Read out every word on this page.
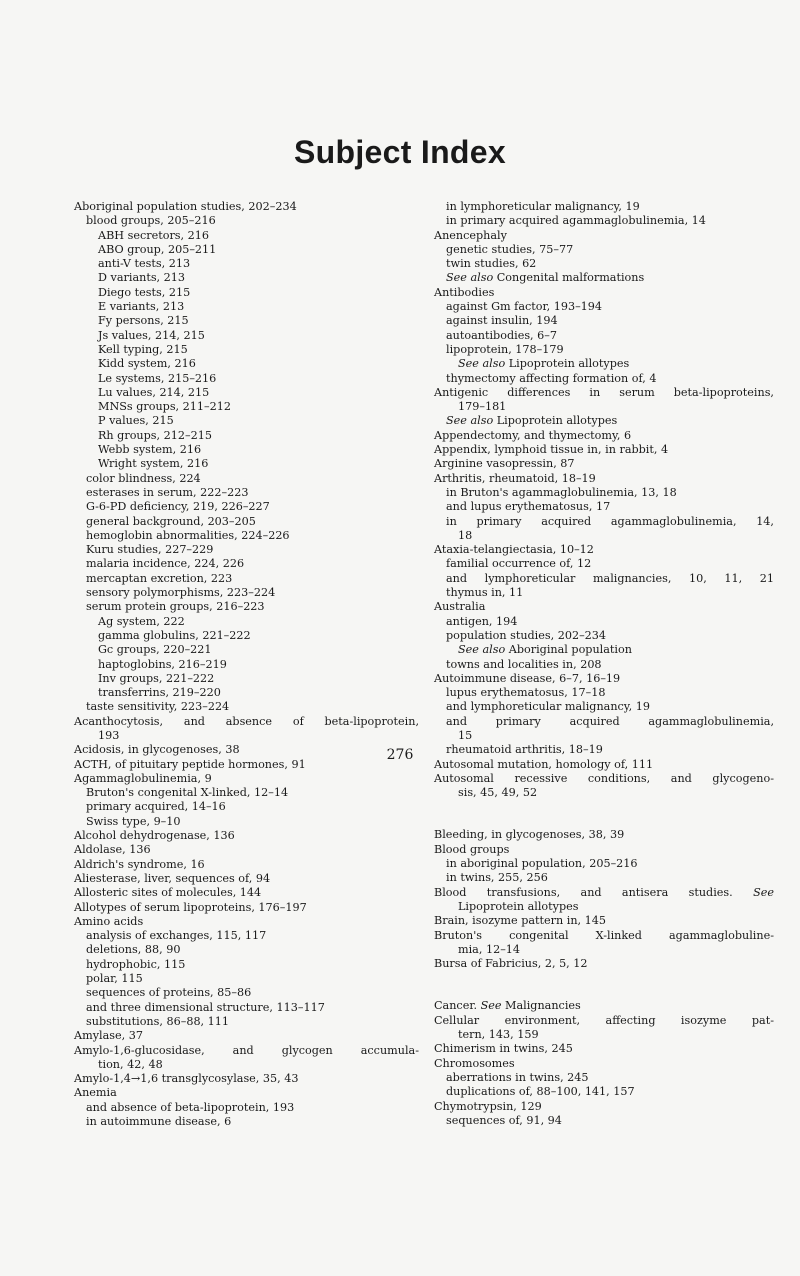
Subject Index
Aboriginal population studies, 202–234
blood groups, 205–216
ABH secretors, 216
ABO group, 205–211
anti-V tests, 213
D variants, 213
Diego tests, 215
E variants, 213
Fy persons, 215
Js values, 214, 215
Kell typing, 215
Kidd system, 216
Le systems, 215–216
Lu values, 214, 215
MNSs groups, 211–212
P values, 215
Rh groups, 212–215
Webb system, 216
Wright system, 216
color blindness, 224
esterases in serum, 222–223
G-6-PD deficiency, 219, 226–227
general background, 203–205
hemoglobin abnormalities, 224–226
Kuru studies, 227–229
malaria incidence, 224, 226
mercaptan excretion, 223
sensory polymorphisms, 223–224
serum protein groups, 216–223
Ag system, 222
gamma globulins, 221–222
Gc groups, 220–221
haptoglobins, 216–219
Inv groups, 221–222
transferrins, 219–220
taste sensitivity, 223–224
Acanthocytosis, and absence of beta-lipoprotein,
193
Acidosis, in glycogenoses, 38
ACTH, of pituitary peptide hormones, 91
Agammaglobulinemia, 9
Bruton's congenital X-linked, 12–14
primary acquired, 14–16
Swiss type, 9–10
Alcohol dehydrogenase, 136
Aldolase, 136
Aldrich's syndrome, 16
Aliesterase, liver, sequences of, 94
Allosteric sites of molecules, 144
Allotypes of serum lipoproteins, 176–197
Amino acids
analysis of exchanges, 115, 117
deletions, 88, 90
hydrophobic, 115
polar, 115
sequences of proteins, 85–86
and three dimensional structure, 113–117
substitutions, 86–88, 111
Amylase, 37
Amylo-1,6-glucosidase, and glycogen accumula-
tion, 42, 48
Amylo-1,4→1,6 transglycosylase, 35, 43
Anemia
and absence of beta-lipoprotein, 193
in autoimmune disease, 6
in lymphoreticular malignancy, 19
in primary acquired agammaglobulinemia, 14
Anencephaly
genetic studies, 75–77
twin studies, 62
See also Congenital malformations
Antibodies
against Gm factor, 193–194
against insulin, 194
autoantibodies, 6–7
lipoprotein, 178–179
See also Lipoprotein allotypes
thymectomy affecting formation of, 4
Antigenic differences in serum beta-lipoproteins,
179–181
See also Lipoprotein allotypes
Appendectomy, and thymectomy, 6
Appendix, lymphoid tissue in, in rabbit, 4
Arginine vasopressin, 87
Arthritis, rheumatoid, 18–19
in Bruton's agammaglobulinemia, 13, 18
and lupus erythematosus, 17
in primary acquired agammaglobulinemia, 14,
18
Ataxia-telangiectasia, 10–12
familial occurrence of, 12
and lymphoreticular malignancies, 10, 11, 21
thymus in, 11
Australia
antigen, 194
population studies, 202–234
See also Aboriginal population
towns and localities in, 208
Autoimmune disease, 6–7, 16–19
lupus erythematosus, 17–18
and lymphoreticular malignancy, 19
and primary acquired agammaglobulinemia,
15
rheumatoid arthritis, 18–19
Autosomal mutation, homology of, 111
Autosomal recessive conditions, and glycogeno-
sis, 45, 49, 52
Bleeding, in glycogenoses, 38, 39
Blood groups
in aboriginal population, 205–216
in twins, 255, 256
Blood transfusions, and antisera studies. See
Lipoprotein allotypes
Brain, isozyme pattern in, 145
Bruton's congenital X-linked agammaglobuline-
mia, 12–14
Bursa of Fabricius, 2, 5, 12
Cancer. See Malignancies
Cellular environment, affecting isozyme pat-
tern, 143, 159
Chimerism in twins, 245
Chromosomes
aberrations in twins, 245
duplications of, 88–100, 141, 157
Chymotrypsin, 129
sequences of, 91, 94
276
